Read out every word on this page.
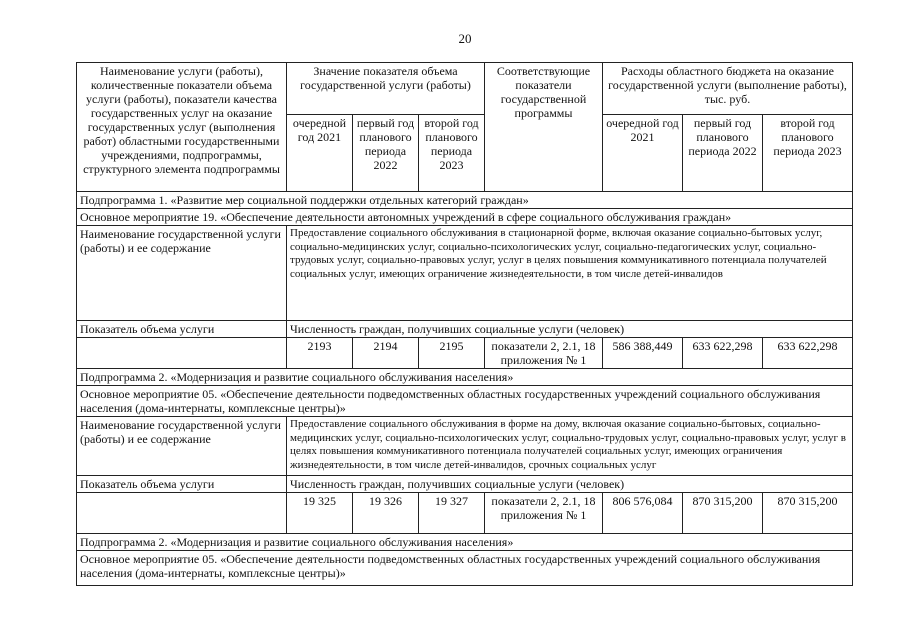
20
Наименование услуги (работы), количественные показатели объема услуги (работы), показатели качества государственных услуг на оказание государственных услуг (выполнения работ) областными государственными учреждениями, подпрограммы, структурного элемента подпрограммы	Значение показателя объема государственной услуги (работы)			Соответствующие показатели государственной программы	Расходы областного бюджета на оказание государственной услуги (выполнение работы), тыс. руб.		
	очередной год 2021	первый год планового периода 2022	второй год планового периода 2023		очередной год 2021	первый год планового периода 2022	второй год планового периода 2023
Подпрограмма 1. «Развитие мер социальной поддержки отдельных категорий граждан»							
Основное мероприятие 19. «Обеспечение деятельности автономных учреждений в сфере социального обслуживания граждан»							
Наименование государственной услуги (работы) и ее содержание	Предоставление социального обслуживания в стационарной форме, включая оказание социально-бытовых услуг, социально-медицинских услуг, социально-психологических услуг, социально-педагогических услуг, социально-трудовых услуг, социально-правовых услуг, услуг в целях повышения коммуникативного потенциала получателей социальных услуг, имеющих ограничение жизнедеятельности, в том числе детей-инвалидов						
Показатель объема услуги	Численность граждан, получивших социальные услуги (человек)						
	2193	2194	2195	показатели 2, 2.1, 18 приложения № 1	586 388,449	633 622,298	633 622,298
Подпрограмма 2. «Модернизация и развитие социального обслуживания населения»							
Основное мероприятие 05. «Обеспечение деятельности подведомственных областных государственных учреждений социального обслуживания населения (дома-интернаты, комплексные центры)»							
Наименование государственной услуги (работы) и ее содержание	Предоставление социального обслуживания в форме на дому, включая оказание социально-бытовых, социально-медицинских услуг, социально-психологических услуг, социально-трудовых услуг, социально-правовых услуг, услуг в целях повышения коммуникативного потенциала получателей социальных услуг, имеющих ограничения жизнедеятельности, в том числе детей-инвалидов, срочных социальных услуг						
Показатель объема услуги	Численность граждан, получивших социальные услуги (человек)						
	19 325	19 326	19 327	показатели 2, 2.1, 18 приложения № 1	806 576,084	870 315,200	870 315,200
Подпрограмма 2. «Модернизация и развитие социального обслуживания населения»							
Основное мероприятие 05. «Обеспечение деятельности подведомственных областных государственных учреждений социального обслуживания населения (дома-интернаты, комплексные центры)»							
